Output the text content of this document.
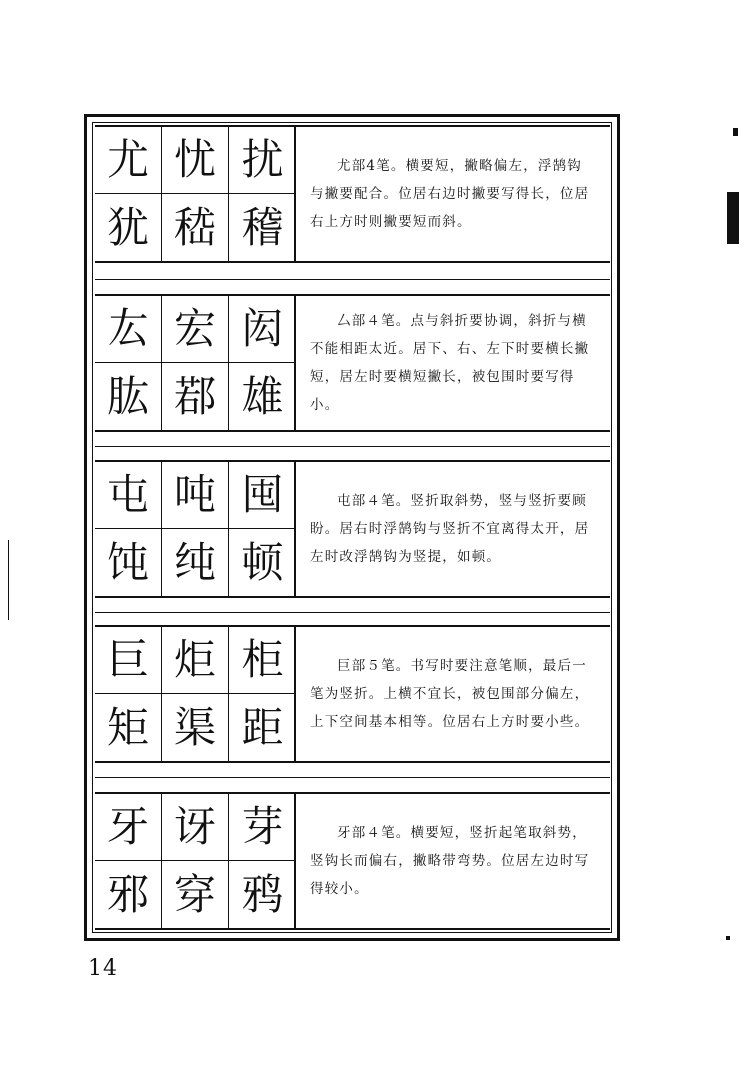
尤 忧 扰
犹 嵇 稽
尤部4笔。横要短，撇略偏左，浮鹄钩与撇要配合。位居右边时撇要写得长，位居右上方时则撇要短而斜。
厷 宏 闳
肱 鄀 雄
厶部４笔。点与斜折要协调，斜折与横不能相距太近。居下、右、左下时要横长撇短，居左时要横短撇长，被包围时要写得小。
屯 吨 囤
饨 纯 顿
屯部４笔。竖折取斜势，竖与竖折要顾盼。居右时浮鹄钩与竖折不宜离得太开，居左时改浮鹄钩为竖提，如顿。
巨 炬 柜
矩 渠 距
巨部５笔。书写时要注意笔顺，最后一笔为竖折。上横不宜长，被包围部分偏左，上下空间基本相等。位居右上方时要小些。
牙 讶 芽
邪 穿 鸦
牙部４笔。横要短，竖折起笔取斜势，竖钩长而偏右，撇略带弯势。位居左边时写得较小。
14
